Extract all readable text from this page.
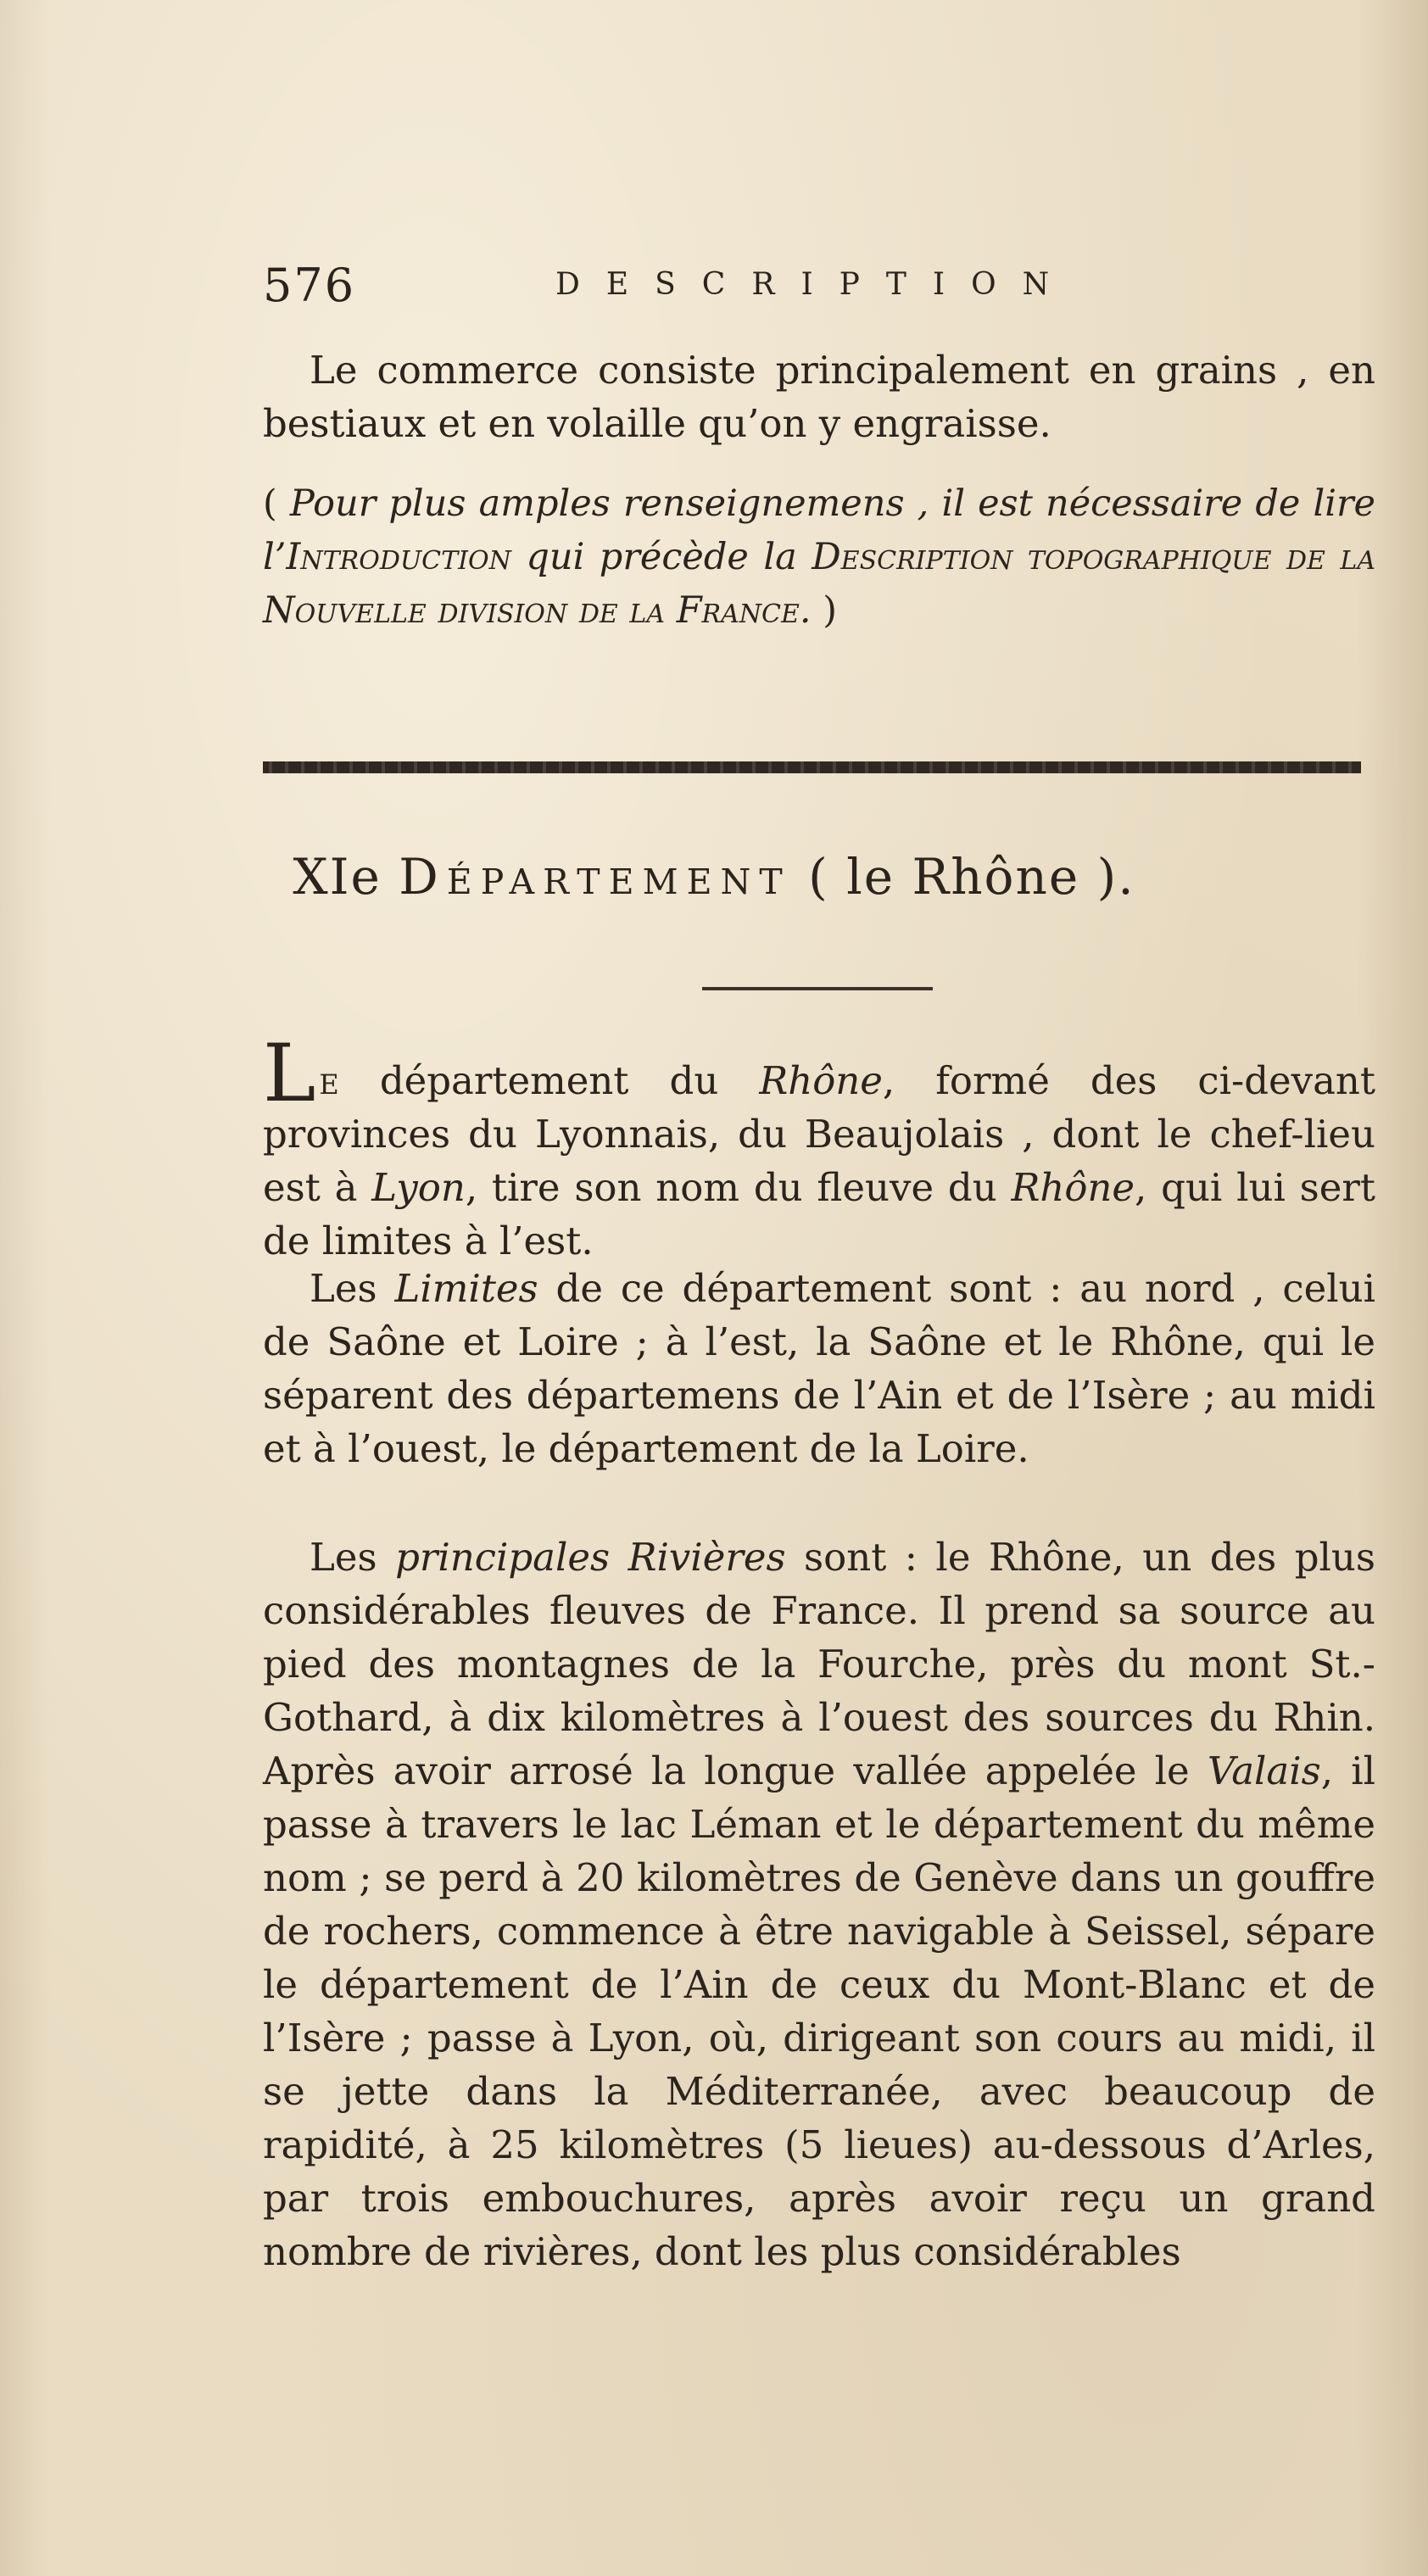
576	DESCRIPTION

Le commerce consiste principalement en grains , en bestiaux et en volaille qu’on y engraisse.

( Pour plus amples renseignemens , il est nécessaire de lire l’Introduction qui précède la Description topographique de la Nouvelle division de la France. )

XIe Département ( le Rhône ).

Le département du Rhône, formé des ci-devant provinces du Lyonnais, du Beaujolais , dont le chef-lieu est à Lyon, tire son nom du fleuve du Rhône, qui lui sert de limites à l’est.

Les Limites de ce département sont : au nord , celui de Saône et Loire ; à l’est, la Saône et le Rhône, qui le séparent des départemens de l’Ain et de l’Isère ; au midi et à l’ouest, le département de la Loire.

Les principales Rivières sont : le Rhône, un des plus considérables fleuves de France. Il prend sa source au pied des montagnes de la Fourche, près du mont St.-Gothard, à dix kilomètres à l’ouest des sources du Rhin. Après avoir arrosé la longue vallée appelée le Valais, il passe à travers le lac Léman et le département du même nom ; se perd à 20 kilomètres de Genève dans un gouffre de rochers, commence à être navigable à Seissel, sépare le département de l’Ain de ceux du Mont-Blanc et de l’Isère ; passe à Lyon, où, dirigeant son cours au midi, il se jette dans la Méditerranée, avec beaucoup de rapidité, à 25 kilomètres (5 lieues) au-dessous d’Arles, par trois embouchures, après avoir reçu un grand nombre de rivières, dont les plus considérables
